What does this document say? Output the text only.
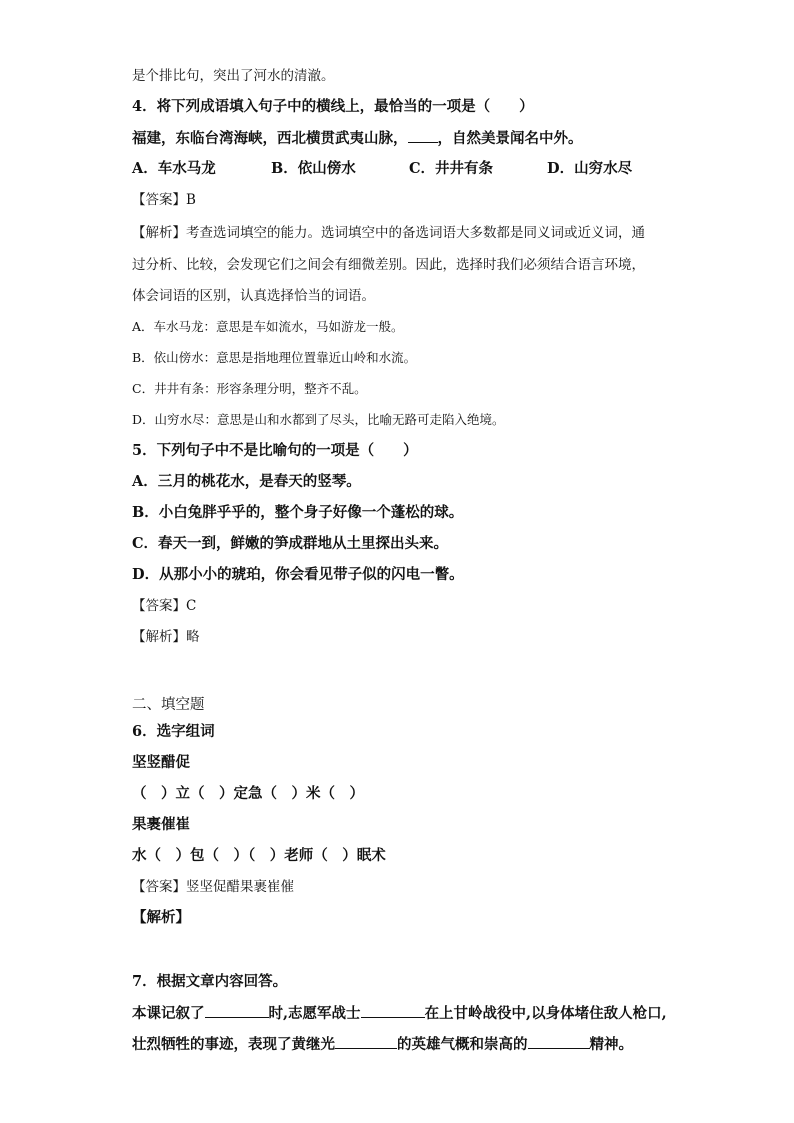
是个排比句，突出了河水的清澈。
4．将下列成语填入句子中的横线上，最恰当的一项是（　　）
福建，东临台湾海峡，西北横贯武夷山脉， ，自然美景闻名中外。
A．车水马龙	B．依山傍水	C．井井有条	D．山穷水尽
【答案】B
【解析】考查选词填空的能力。选词填空中的备选词语大多数都是同义词或近义词，通
过分析、比较，会发现它们之间会有细微差别。因此，选择时我们必须结合语言环境，
体会词语的区别，认真选择恰当的词语。
A．车水马龙：意思是车如流水，马如游龙一般。
B．依山傍水：意思是指地理位置靠近山岭和水流。
C．井井有条：形容条理分明，整齐不乱。
D．山穷水尽：意思是山和水都到了尽头，比喻无路可走陷入绝境。
5．下列句子中不是比喻句的一项是（　　）
A．三月的桃花水，是春天的竖琴。
B．小白兔胖乎乎的，整个身子好像一个蓬松的球。
C．春天一到，鲜嫩的笋成群地从土里探出头来。
D．从那小小的琥珀，你会看见带子似的闪电一瞥。
【答案】C
【解析】略
二、填空题
6．选字组词
坚竖醋促
（　）立（　）定急（　）米（　）
果裹催崔
水（　）包（　）（　）老师（　）眠术
【答案】竖坚促醋果裹崔催
【解析】
7．根据文章内容回答。
本课记叙了	时,志愿军战士	在上甘岭战役中,以身体堵住敌人枪口,
壮烈牺牲的事迹，表现了黄继光	的英雄气概和崇高的	精神。
